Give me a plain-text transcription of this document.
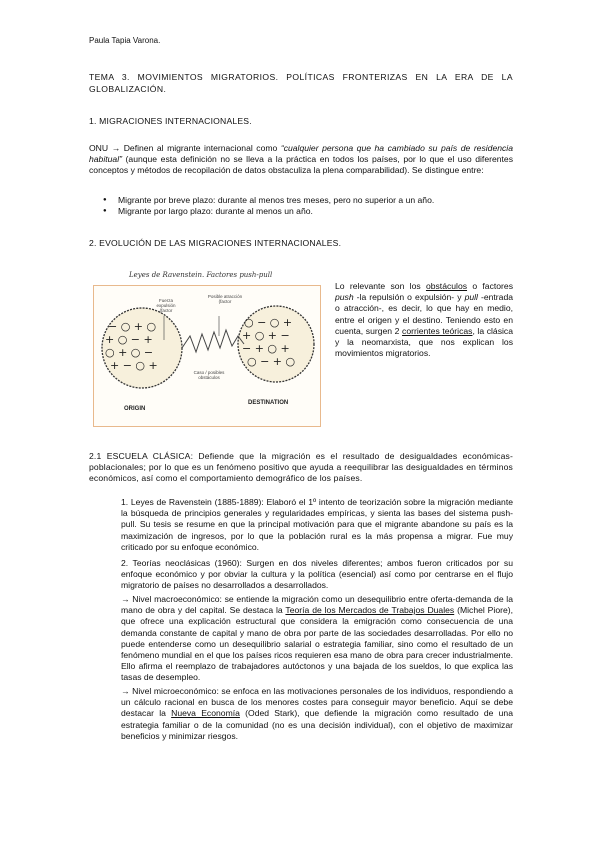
Paula Tapia Varona.
TEMA 3. MOVIMIENTOS MIGRATORIOS. POLÍTICAS FRONTERIZAS EN LA ERA DE LA GLOBALIZACIÓN.
1. MIGRACIONES INTERNACIONALES.
ONU → Definen al migrante internacional como “cualquier persona que ha cambiado su país de residencia habitual” (aunque esta definición no se lleva a la práctica en todos los países, por lo que el uso diferentes conceptos y métodos de recopilación de datos obstaculiza la plena comparabilidad). Se distingue entre:
● Migrante por breve plazo: durante al menos tres meses, pero no superior a un año.
● Migrante por largo plazo: durante al menos un año.
2. EVOLUCIÓN DE LAS MIGRACIONES INTERNACIONALES.
Leyes de Ravenstein. Factores push-pull
− ○ + ○
+ ○ − +
○ + ○ −
+ − ○ +
○ − ○ +
+ ○ + −
− + ○ +
○ − + ○
Fuerza expulsión (factor
Posible atracción (factor
Caso / posibles obstáculos
ORIGIN
DESTINATION
Lo relevante son los obstáculos o factores push -la repulsión o expulsión- y pull -entrada o atracción-, es decir, lo que hay en medio, entre el origen y el destino. Teniendo esto en cuenta, surgen 2 corrientes teóricas, la clásica y la neomarxista, que nos explican los movimientos migratorios.
2.1 ESCUELA CLÁSICA: Defiende que la migración es el resultado de desigualdades económicas-poblacionales; por lo que es un fenómeno positivo que ayuda a reequilibrar las desigualdades en términos económicos, así como el comportamiento demográfico de los países.
1. Leyes de Ravenstein (1885-1889): Elaboró el 1º intento de teorización sobre la migración mediante la búsqueda de principios generales y regularidades empíricas, y sienta las bases del sistema push-pull. Su tesis se resume en que la principal motivación para que el migrante abandone su país es la maximización de ingresos, por lo que la población rural es la más propensa a migrar. Fue muy criticado por su enfoque económico.
2. Teorías neoclásicas (1960): Surgen en dos niveles diferentes; ambos fueron criticados por su enfoque económico y por obviar la cultura y la política (esencial) así como por centrarse en el flujo migratorio de países no desarrollados a desarrollados.
→ Nivel macroeconómico: se entiende la migración como un desequilibrio entre oferta-demanda de la mano de obra y del capital. Se destaca la Teoría de los Mercados de Trabajos Duales (Michel Piore), que ofrece una explicación estructural que considera la emigración como consecuencia de una demanda constante de capital y mano de obra por parte de las sociedades desarrolladas. Por ello no puede entenderse como un desequilibrio salarial o estrategia familiar, sino como el resultado de un fenómeno mundial en el que los países ricos requieren esa mano de obra para crecer industrialmente. Ello afirma el reemplazo de trabajadores autóctonos y una bajada de los sueldos, lo que explica las tasas de desempleo.
→ Nivel microeconómico: se enfoca en las motivaciones personales de los individuos, respondiendo a un cálculo racional en busca de los menores costes para conseguir mayor beneficio. Aquí se debe destacar la Nueva Economía (Oded Stark), que defiende la migración como resultado de una estrategia familiar o de la comunidad (no es una decisión individual), con el objetivo de maximizar beneficios y minimizar riesgos.
